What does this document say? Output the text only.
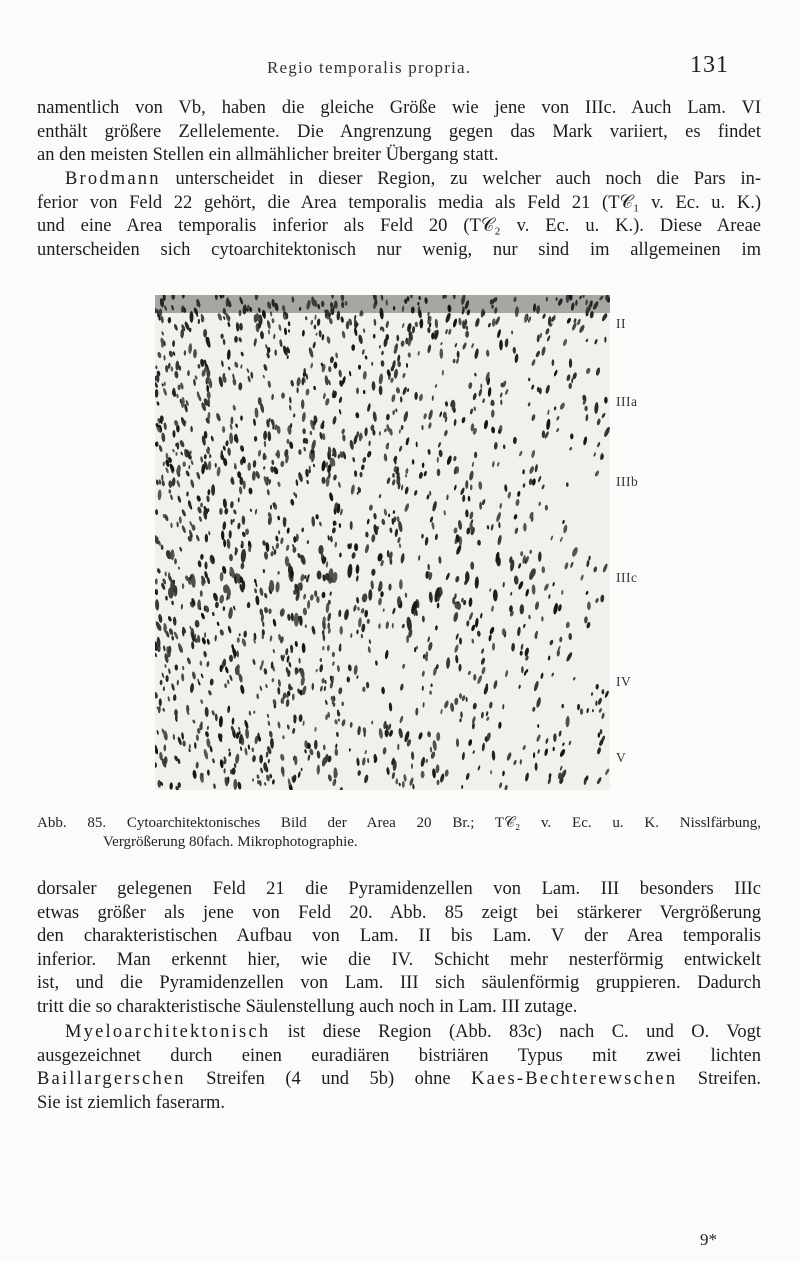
Regio temporalis propria.	131

namentlich von Vb, haben die gleiche Größe wie jene von IIIc. Auch Lam. VI
enthält größere Zellelemente. Die Angrenzung gegen das Mark variiert, es findet
an den meisten Stellen ein allmählicher breiter Übergang statt.

Brodmann unterscheidet in dieser Region, zu welcher auch noch die Pars in-
ferior von Feld 22 gehört, die Area temporalis media als Feld 21 (T𝒞₁ v. Ec. u. K.)
und eine Area temporalis inferior als Feld 20 (T𝒞₂ v. Ec. u. K.). Diese Areae
unterscheiden sich cytoarchitektonisch nur wenig, nur sind im allgemeinen im

II
IIIa
IIIb
IIIc
IV
V
Abb. 85. Cytoarchitektonisches Bild der Area 20 Br.; T𝒞₂ v. Ec. u. K. Nisslfärbung,
Vergrößerung 80fach. Mikrophotographie.

dorsaler gelegenen Feld 21 die Pyramidenzellen von Lam. III besonders IIIc
etwas größer als jene von Feld 20. Abb. 85 zeigt bei stärkerer Vergrößerung
den charakteristischen Aufbau von Lam. II bis Lam. V der Area temporalis
inferior. Man erkennt hier, wie die IV. Schicht mehr nesterförmig entwickelt
ist, und die Pyramidenzellen von Lam. III sich säulenförmig gruppieren. Dadurch
tritt die so charakteristische Säulenstellung auch noch in Lam. III zutage.

Myeloarchitektonisch ist diese Region (Abb. 83c) nach C. und O. Vogt
ausgezeichnet durch einen euradiären bistriären Typus mit zwei lichten
Baillargerschen Streifen (4 und 5b) ohne Kaes-Bechterewschen Streifen.
Sie ist ziemlich faserarm.

9*
